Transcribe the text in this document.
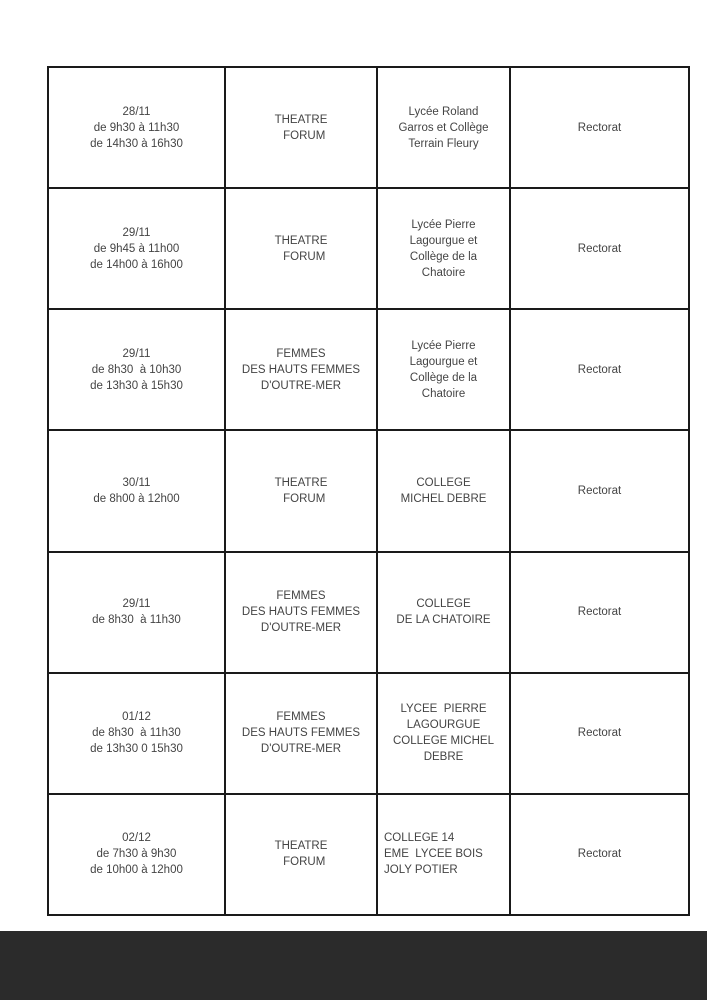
28/11
de 9h30 à 11h30
de 14h30 à 16h30	THEATRE
FORUM	Lycée Roland
Garros et Collège
Terrain Fleury	Rectorat

29/11
de 9h45 à 11h00
de 14h00 à 16h00	THEATRE
FORUM	Lycée Pierre
Lagourgue et
Collège de la
Chatoire	Rectorat

29/11
de 8h30  à 10h30
de 13h30 à 15h30	FEMMES
DES HAUTS FEMMES
D'OUTRE-MER	Lycée Pierre
Lagourgue et
Collège de la
Chatoire	Rectorat

30/11
de 8h00 à 12h00	THEATRE
FORUM	COLLEGE
MICHEL DEBRE	Rectorat

29/11
de 8h30  à 11h30	FEMMES
DES HAUTS FEMMES
D'OUTRE-MER	COLLEGE
DE LA CHATOIRE	Rectorat

01/12
de 8h30  à 11h30
de 13h30 0 15h30	FEMMES
DES HAUTS FEMMES
D'OUTRE-MER	LYCEE  PIERRE
LAGOURGUE
COLLEGE MICHEL
DEBRE	Rectorat

02/12
de 7h30 à 9h30
de 10h00 à 12h00	THEATRE
FORUM	COLLEGE 14
EME  LYCEE BOIS
JOLY POTIER	Rectorat
